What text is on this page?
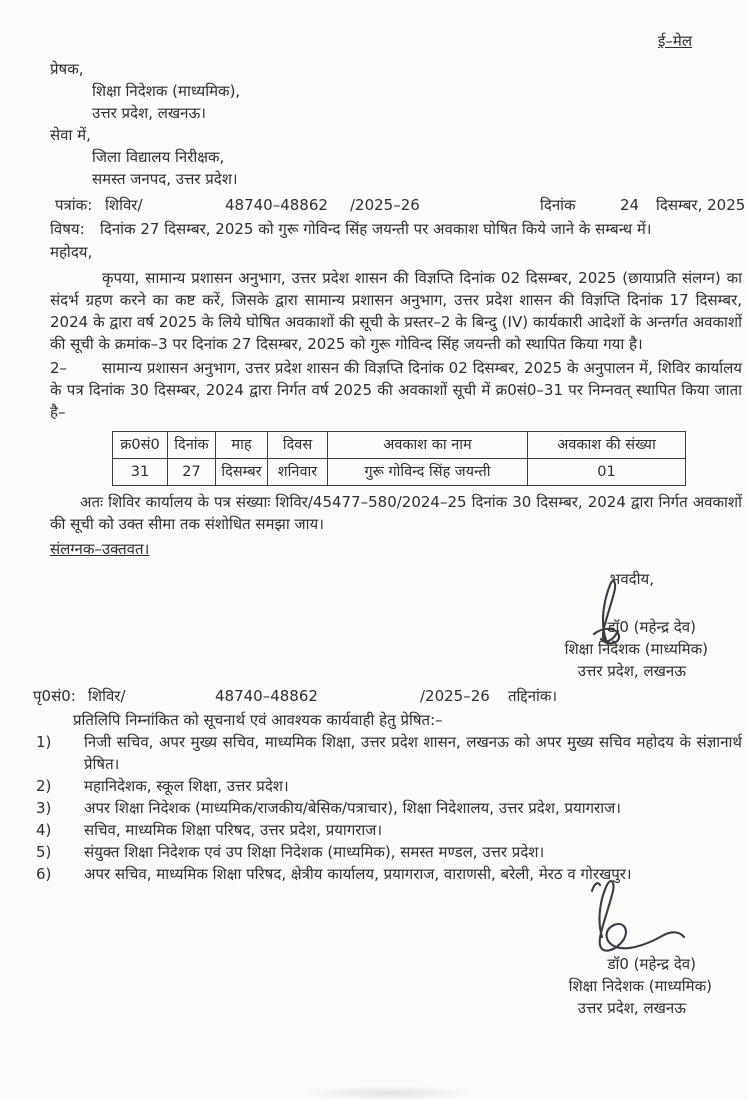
ई–मेल
प्रेषक,
शिक्षा निदेशक (माध्यमिक),
उत्तर प्रदेश, लखनऊ।
सेवा में,
जिला विद्यालय निरीक्षक,
समस्त जनपद, उत्तर प्रदेश।
पत्रांक: शिविर/	48740–48862 /2025–26	दिनांक	24 दिसम्बर, 2025
विषय:	दिनांक 27 दिसम्बर, 2025 को गुरू गोविन्द सिंह जयन्ती पर अवकाश घोषित किये जाने के सम्बन्ध में।
महोदय,

कृपया, सामान्य प्रशासन अनुभाग, उत्तर प्रदेश शासन की विज्ञप्ति दिनांक 02 दिसम्बर, 2025 (छायाप्रति संलग्न) का संदर्भ ग्रहण करने का कष्ट करें, जिसके द्वारा सामान्य प्रशासन अनुभाग, उत्तर प्रदेश शासन की विज्ञप्ति दिनांक 17 दिसम्बर, 2024 के द्वारा वर्ष 2025 के लिये घोषित अवकाशों की सूची के प्रस्तर–2 के बिन्दु (IV) कार्यकारी आदेशों के अन्तर्गत अवकाशों की सूची के क्रमांक–3 पर दिनांक 27 दिसम्बर, 2025 को गुरू गोविन्द सिंह जयन्ती को स्थापित किया गया है।

2– सामान्य प्रशासन अनुभाग, उत्तर प्रदेश शासन की विज्ञप्ति दिनांक 02 दिसम्बर, 2025 के अनुपालन में, शिविर कार्यालय के पत्र दिनांक 30 दिसम्बर, 2024 द्वारा निर्गत वर्ष 2025 की अवकाशों सूची में क्र0सं0–31 पर निम्नवत् स्थापित किया जाता है–

क्र0सं0	दिनांक	माह	दिवस	अवकाश का नाम	अवकाश की संख्या
31	27	दिसम्बर	शनिवार	गुरू गोविन्द सिंह जयन्ती	01

अतः शिविर कार्यालय के पत्र संख्याः शिविर/45477–580/2024–25 दिनांक 30 दिसम्बर, 2024 द्वारा निर्गत अवकाशों की सूची को उक्त सीमा तक संशोधित समझा जाय।

संलग्नक–उक्तवत।
भवदीय,
डॉ0 (महेन्द्र देव)
शिक्षा निदेशक (माध्यमिक)
उत्तर प्रदेश, लखनऊ
पृ0सं0: शिविर/	48740–48862	/2025–26 तद्दिनांक।
प्रतिलिपि निम्नांकित को सूचनार्थ एवं आवश्यक कार्यवाही हेतु प्रेषित:–
1)	निजी सचिव, अपर मुख्य सचिव, माध्यमिक शिक्षा, उत्तर प्रदेश शासन, लखनऊ को अपर मुख्य सचिव महोदय के संज्ञानार्थ प्रेषित।
2)	महानिदेशक, स्कूल शिक्षा, उत्तर प्रदेश।
3)	अपर शिक्षा निदेशक (माध्यमिक/राजकीय/बेसिक/पत्राचार), शिक्षा निदेशालय, उत्तर प्रदेश, प्रयागराज।
4)	सचिव, माध्यमिक शिक्षा परिषद, उत्तर प्रदेश, प्रयागराज।
5)	संयुक्त शिक्षा निदेशक एवं उप शिक्षा निदेशक (माध्यमिक), समस्त मण्डल, उत्तर प्रदेश।
6)	अपर सचिव, माध्यमिक शिक्षा परिषद, क्षेत्रीय कार्यालय, प्रयागराज, वाराणसी, बरेली, मेरठ व गोरखपुर।
डॉ0 (महेन्द्र देव)
शिक्षा निदेशक (माध्यमिक)
उत्तर प्रदेश, लखनऊ
